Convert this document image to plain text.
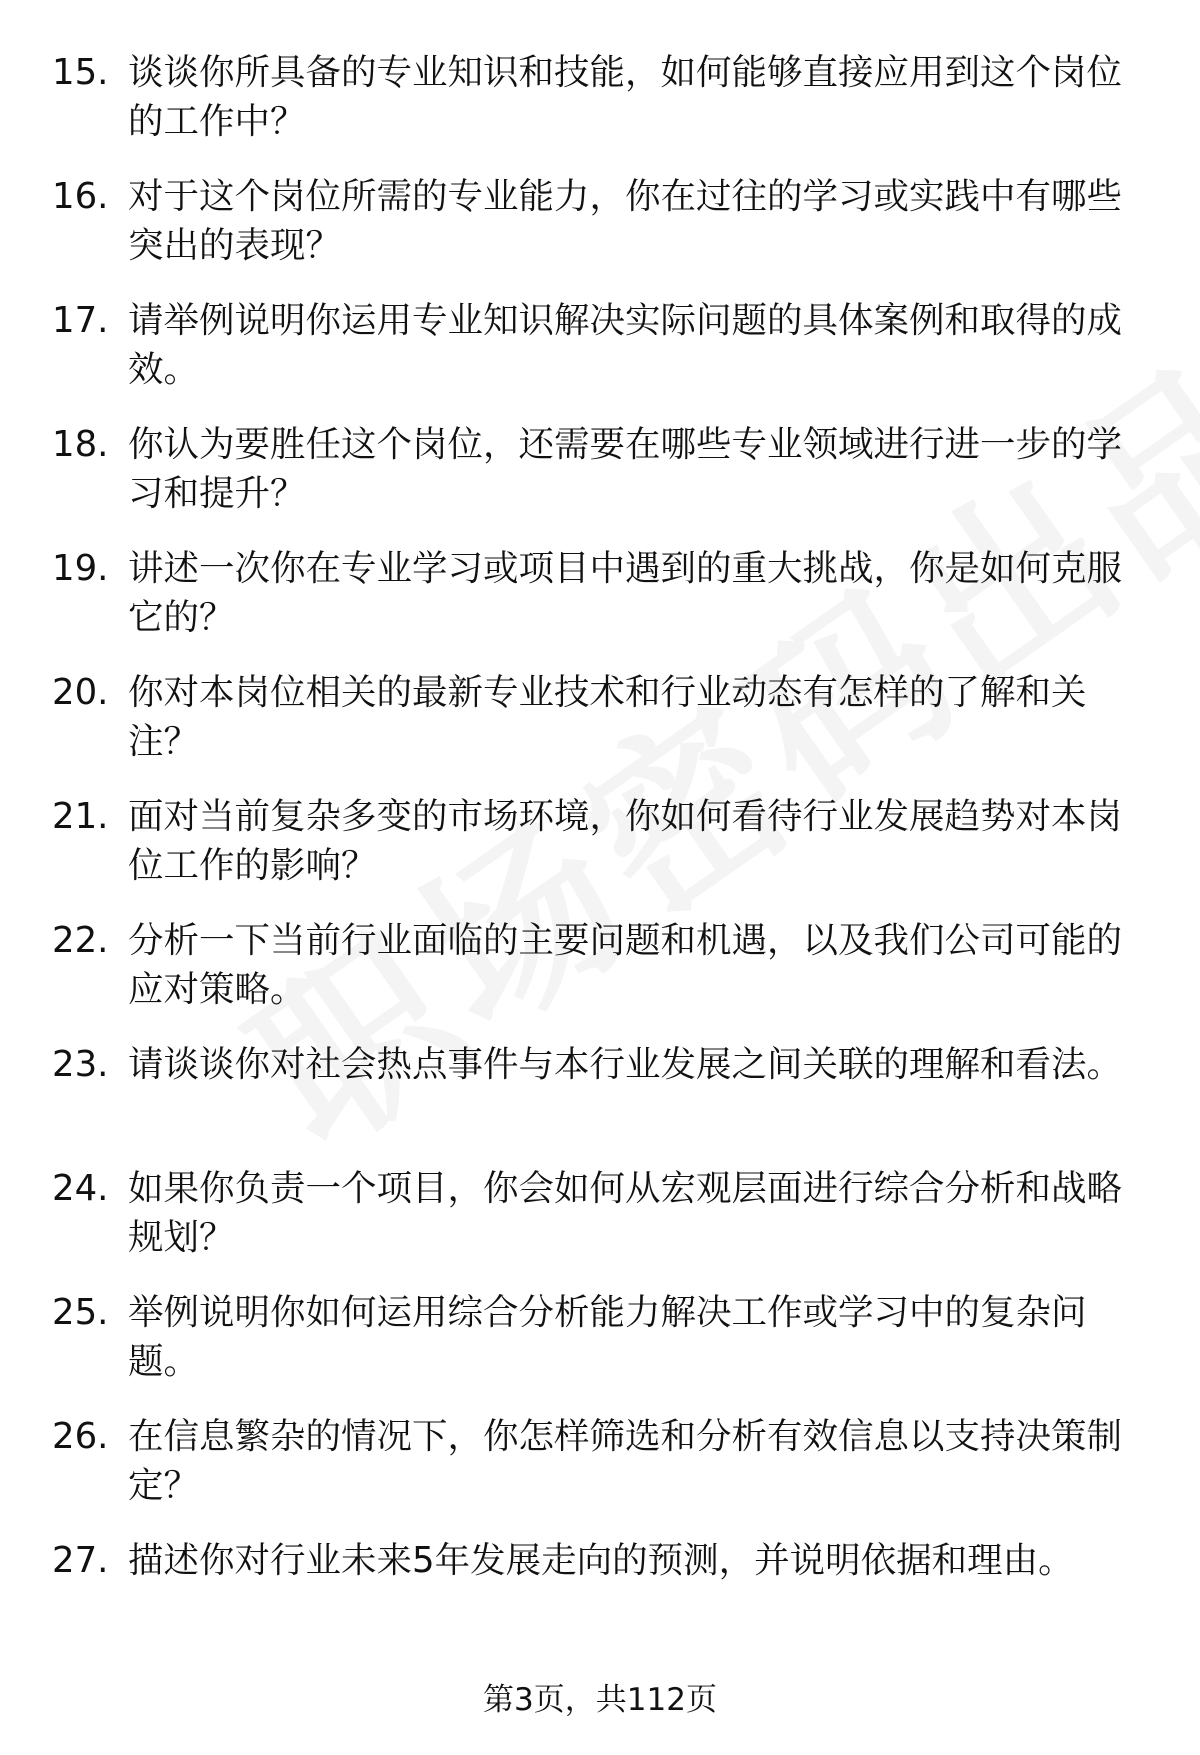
15. 谈谈你所具备的专业知识和技能，如何能够直接应用到这个岗位的工作中？
16. 对于这个岗位所需的专业能力，你在过往的学习或实践中有哪些突出的表现？
17. 请举例说明你运用专业知识解决实际问题的具体案例和取得的成效。
18. 你认为要胜任这个岗位，还需要在哪些专业领域进行进一步的学习和提升？
19. 讲述一次你在专业学习或项目中遇到的重大挑战，你是如何克服它的？
20. 你对本岗位相关的最新专业技术和行业动态有怎样的了解和关注？
21. 面对当前复杂多变的市场环境，你如何看待行业发展趋势对本岗位工作的影响？
22. 分析一下当前行业面临的主要问题和机遇，以及我们公司可能的应对策略。
23. 请谈谈你对社会热点事件与本行业发展之间关联的理解和看法。
24. 如果你负责一个项目，你会如何从宏观层面进行综合分析和战略规划？
25. 举例说明你如何运用综合分析能力解决工作或学习中的复杂问题。
26. 在信息繁杂的情况下，你怎样筛选和分析有效信息以支持决策制定？
27. 描述你对行业未来5年发展走向的预测，并说明依据和理由。
第3页，共112页
